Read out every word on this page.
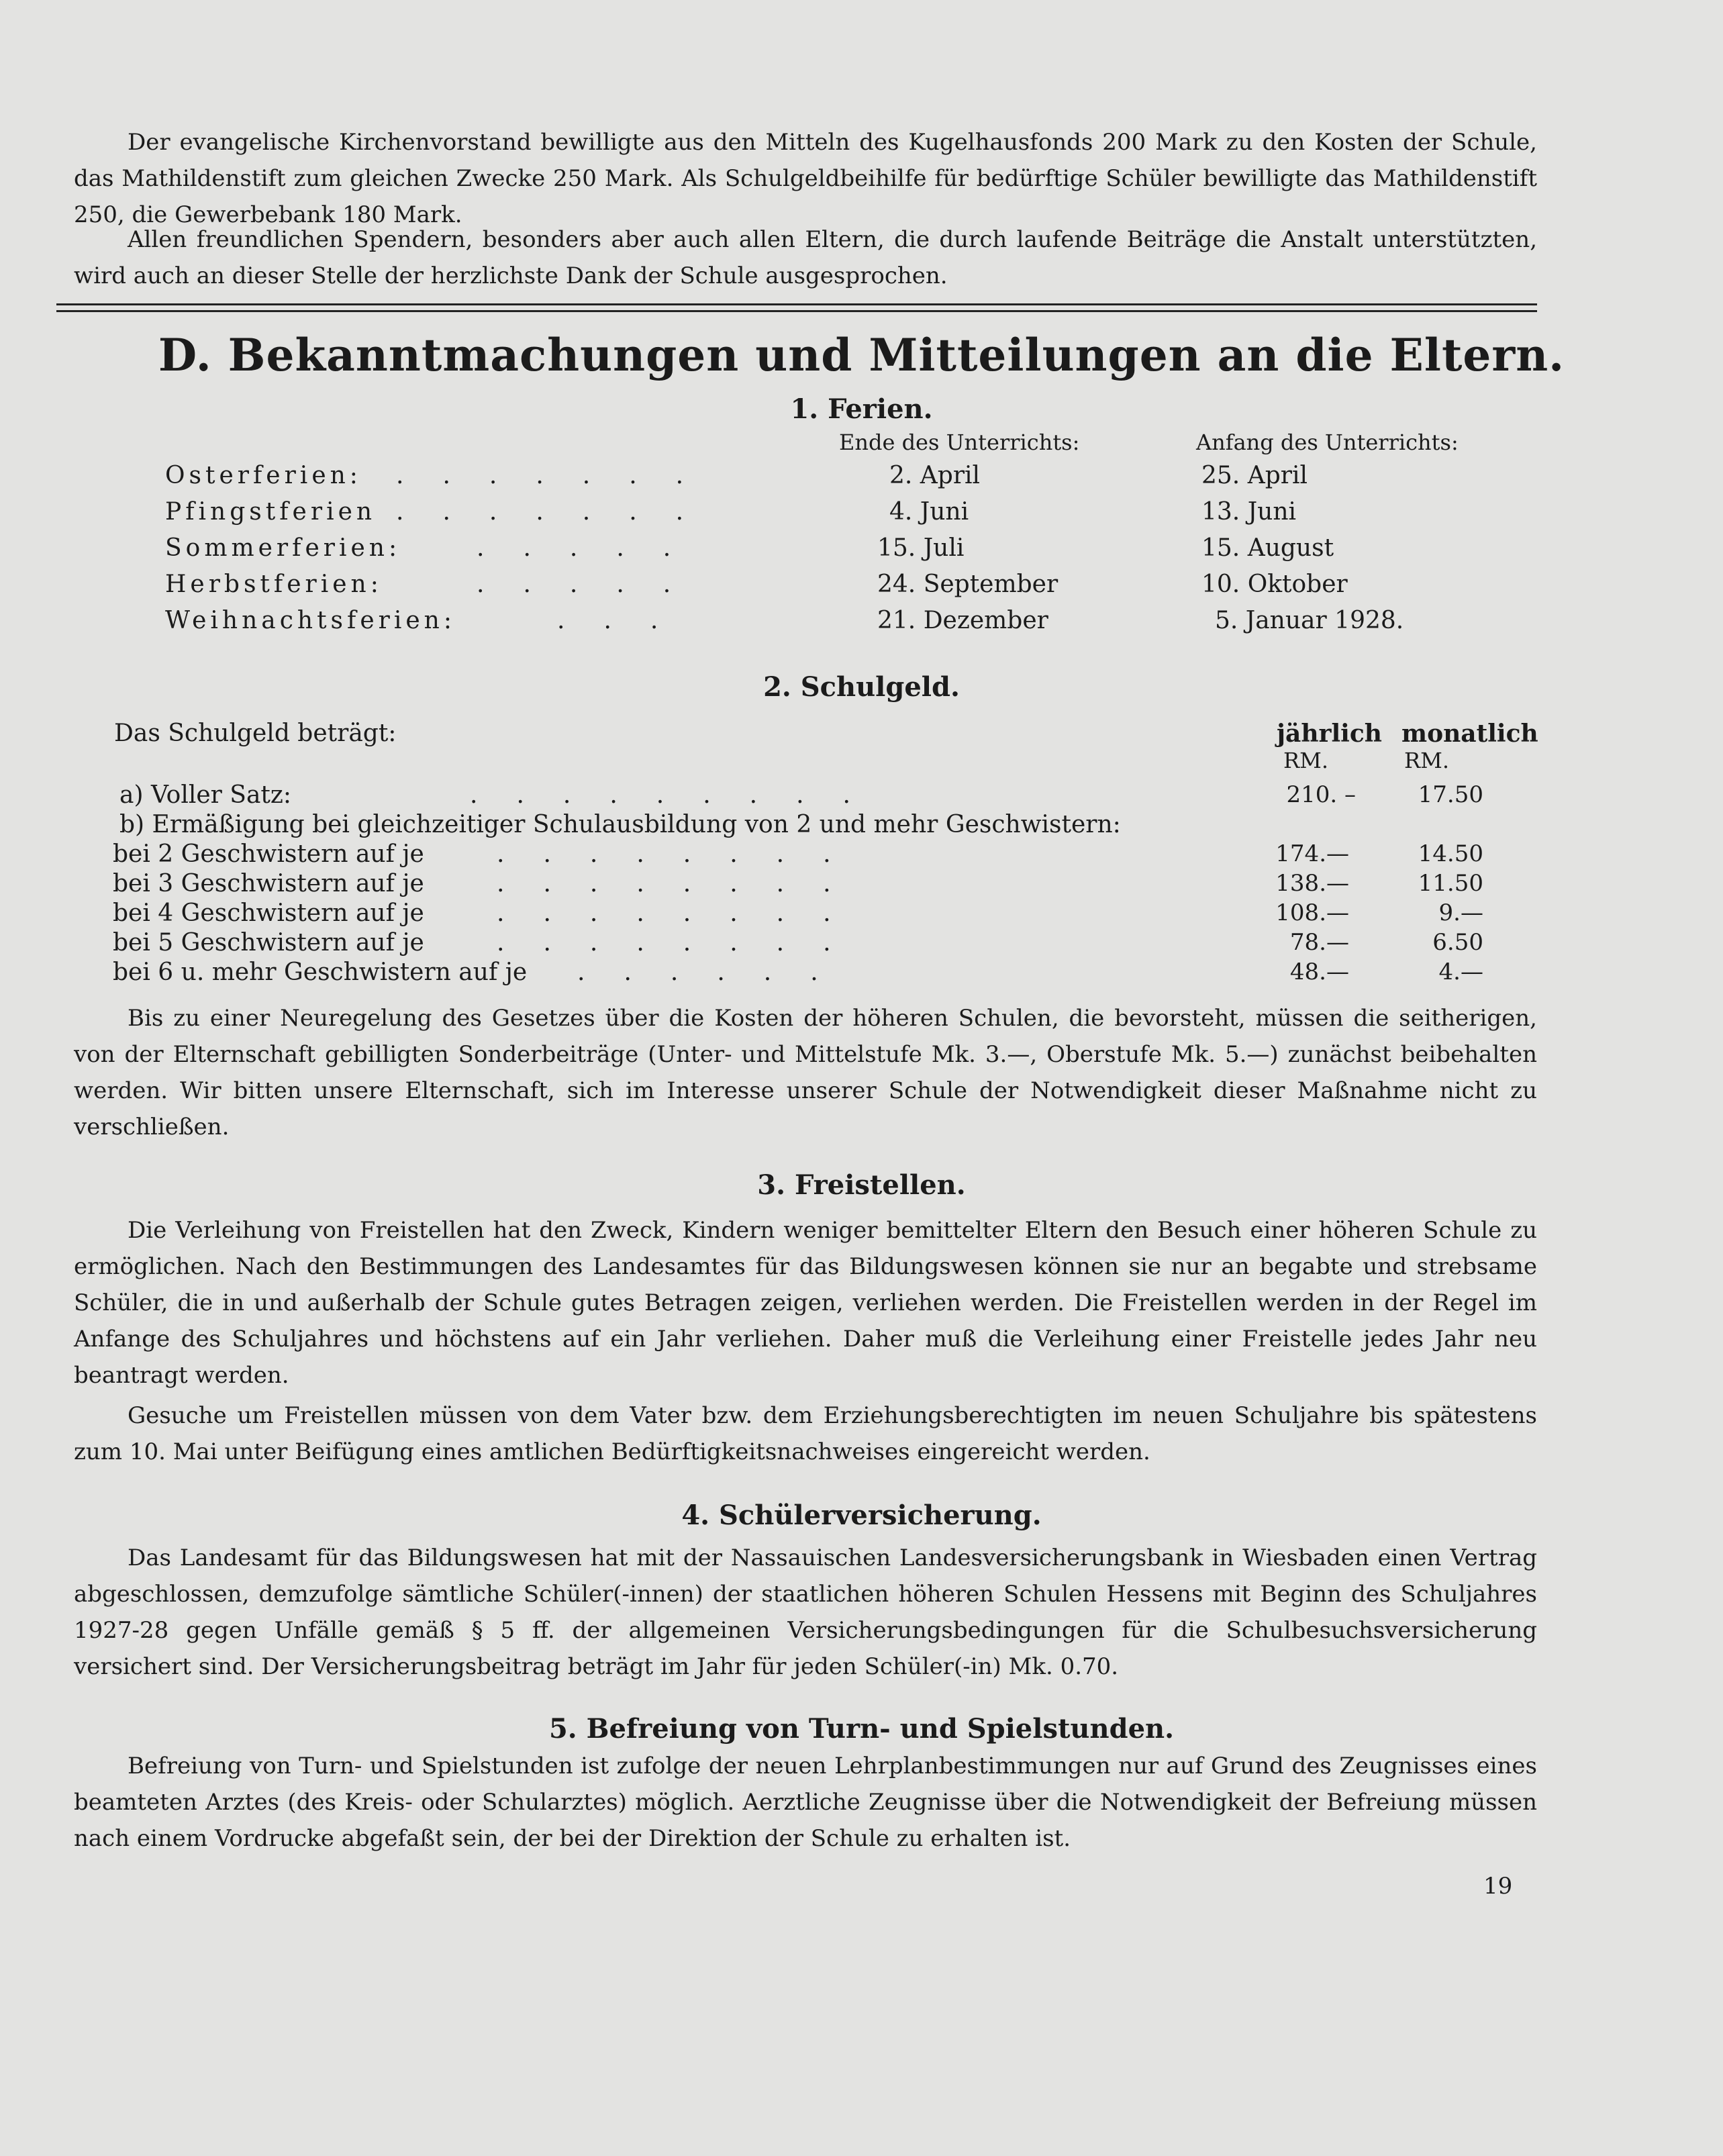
Der evangelische Kirchenvorstand bewilligte aus den Mitteln des Kugelhausfonds 200 Mark zu den Kosten der Schule, das Mathildenstift zum gleichen Zwecke 250 Mark. Als Schulgeldbeihilfe für bedürftige Schüler bewilligte das Mathildenstift 250, die Gewerbebank 180 Mark.

Allen freundlichen Spendern, besonders aber auch allen Eltern, die durch laufende Beiträge die Anstalt unterstützten, wird auch an dieser Stelle der herzlichste Dank der Schule ausgesprochen.

D. Bekanntmachungen und Mitteilungen an die Eltern.
1. Ferien.
Ende des Unterrichts:	Anfang des Unterrichts:
Osterferien: .......	2. April	25. April
Pfingstferien .......	4. Juni	13. Juni
Sommerferien:	.....	15. Juli	15. August
Herbstferien:	.....	24. September	10. Oktober
Weihnachtsferien:	...	21. Dezember	5. Januar 1928.
2. Schulgeld.
Das Schulgeld beträgt:	jährlich monatlich
RM.	RM.
a) Voller Satz:	.........	210. –	17.50
b) Ermäßigung bei gleichzeitiger Schulausbildung von 2 und mehr Geschwistern:
bei 2 Geschwistern auf je	........	174.—	14.50
bei 3 Geschwistern auf je	........	138.—	11.50
bei 4 Geschwistern auf je	........	108.—	9.—
bei 5 Geschwistern auf je	........	78.—	6.50
bei 6 u. mehr Geschwistern auf je ......	48.—	4.—

Bis zu einer Neuregelung des Gesetzes über die Kosten der höheren Schulen, die bevorsteht, müssen die seitherigen, von der Elternschaft gebilligten Sonderbeiträge (Unter- und Mittelstufe Mk. 3.—, Oberstufe Mk. 5.—) zunächst beibehalten werden. Wir bitten unsere Elternschaft, sich im Interesse unserer Schule der Notwendigkeit dieser Maßnahme nicht zu verschließen.

3. Freistellen.

Die Verleihung von Freistellen hat den Zweck, Kindern weniger bemittelter Eltern den Besuch einer höheren Schule zu ermöglichen. Nach den Bestimmungen des Landesamtes für das Bildungswesen können sie nur an begabte und strebsame Schüler, die in und außerhalb der Schule gutes Betragen zeigen, verliehen werden. Die Freistellen werden in der Regel im Anfange des Schuljahres und höchstens auf ein Jahr verliehen. Daher muß die Verleihung einer Freistelle jedes Jahr neu beantragt werden.

Gesuche um Freistellen müssen von dem Vater bzw. dem Erziehungsberechtigten im neuen Schuljahre bis spätestens zum 10. Mai unter Beifügung eines amtlichen Bedürftigkeitsnachweises eingereicht werden.

4. Schülerversicherung.

Das Landesamt für das Bildungswesen hat mit der Nassauischen Landesversicherungsbank in Wiesbaden einen Vertrag abgeschlossen, demzufolge sämtliche Schüler(-innen) der staatlichen höheren Schulen Hessens mit Beginn des Schuljahres 1927-28 gegen Unfälle gemäß § 5 ff. der allgemeinen Versicherungsbedingungen für die Schulbesuchsversicherung versichert sind. Der Versicherungsbeitrag beträgt im Jahr für jeden Schüler(-in) Mk. 0.70.

5. Befreiung von Turn- und Spielstunden.

Befreiung von Turn- und Spielstunden ist zufolge der neuen Lehrplanbestimmungen nur auf Grund des Zeugnisses eines beamteten Arztes (des Kreis- oder Schularztes) möglich. Aerztliche Zeugnisse über die Notwendigkeit der Befreiung müssen nach einem Vordrucke abgefaßt sein, der bei der Direktion der Schule zu erhalten ist.

19
